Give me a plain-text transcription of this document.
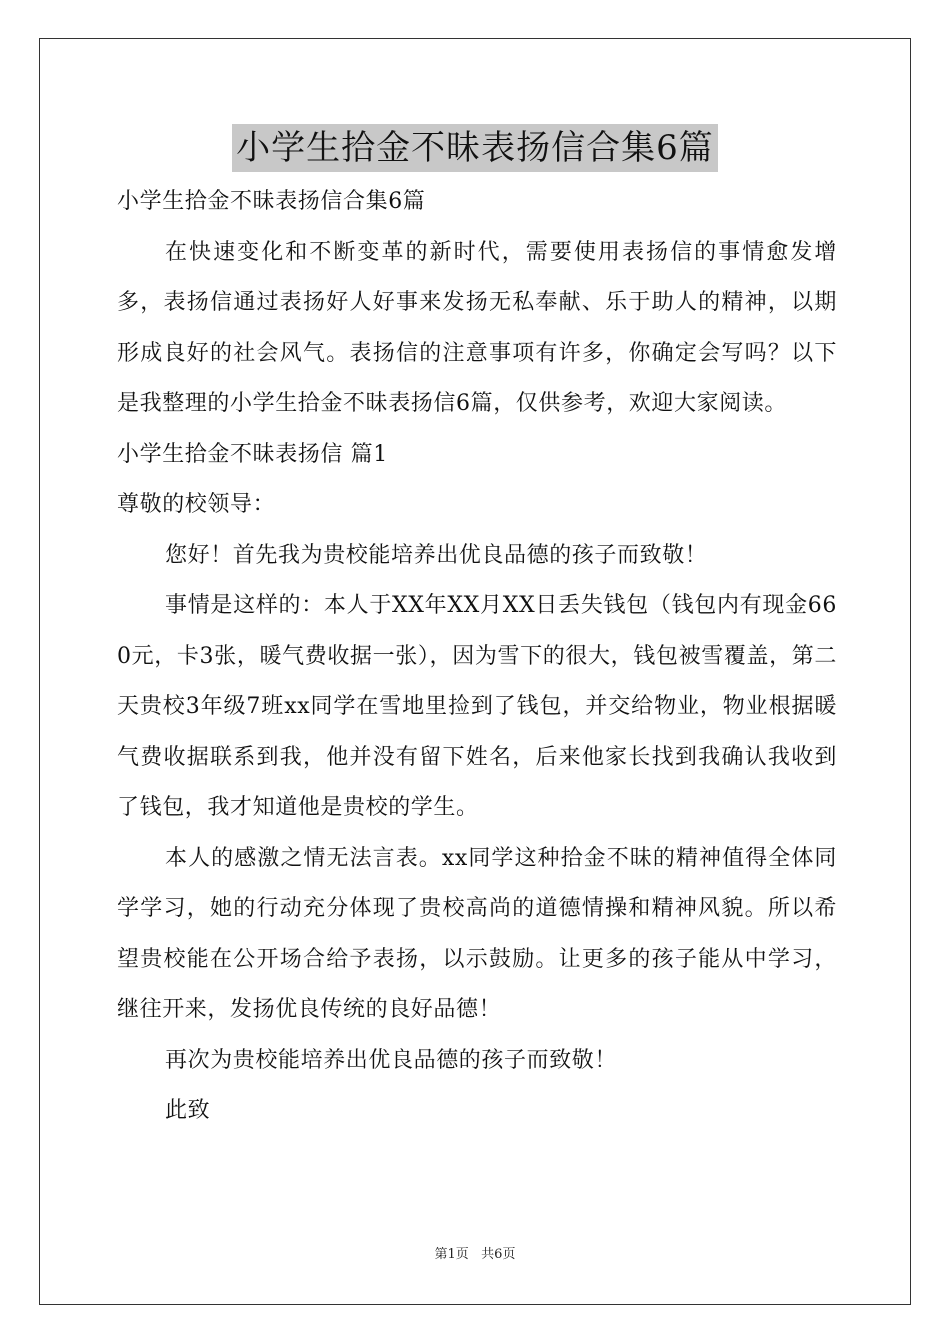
小学生拾金不昧表扬信合集6篇

小学生拾金不昧表扬信合集6篇

在快速变化和不断变革的新时代，需要使用表扬信的事情愈发增多，表扬信通过表扬好人好事来发扬无私奉献、乐于助人的精神，以期形成良好的社会风气。表扬信的注意事项有许多，你确定会写吗？以下是我整理的小学生拾金不昧表扬信6篇，仅供参考，欢迎大家阅读。

小学生拾金不昧表扬信 篇1

尊敬的校领导：

您好！首先我为贵校能培养出优良品德的孩子而致敬！

事情是这样的：本人于XX年XX月XX日丢失钱包（钱包内有现金660元，卡3张，暖气费收据一张），因为雪下的很大，钱包被雪覆盖，第二天贵校3年级7班xx同学在雪地里捡到了钱包，并交给物业，物业根据暖气费收据联系到我，他并没有留下姓名，后来他家长找到我确认我收到了钱包，我才知道他是贵校的学生。

本人的感激之情无法言表。xx同学这种拾金不昧的精神值得全体同学学习，她的行动充分体现了贵校高尚的道德情操和精神风貌。所以希望贵校能在公开场合给予表扬，以示鼓励。让更多的孩子能从中学习，继往开来，发扬优良传统的良好品德！

再次为贵校能培养出优良品德的孩子而致敬！

此致

第1页   共6页
